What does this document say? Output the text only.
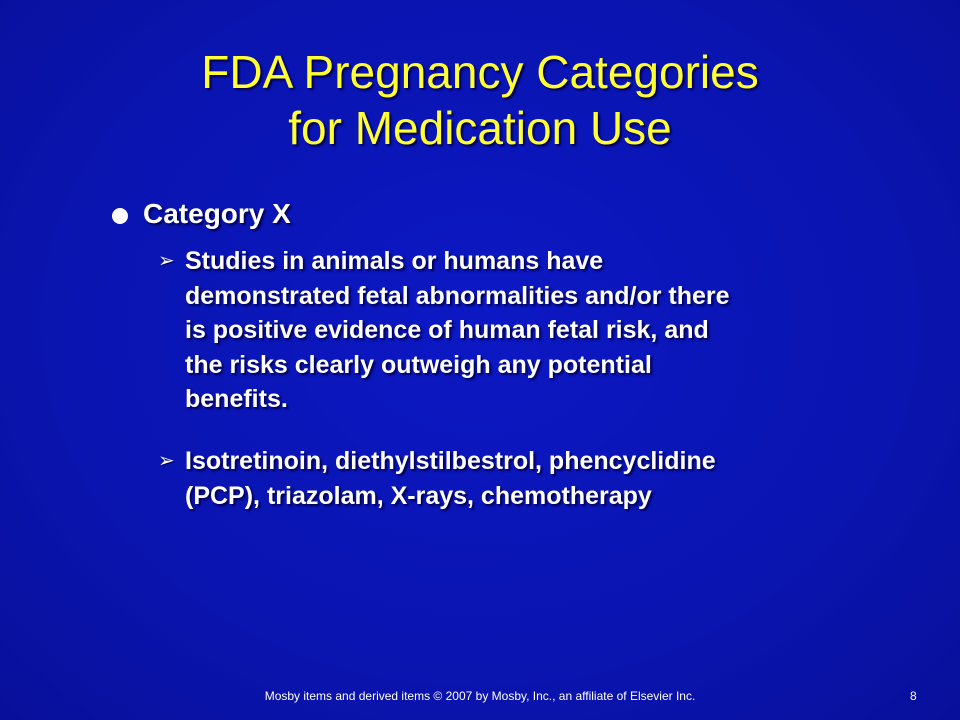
FDA Pregnancy Categories
for Medication Use
Category X
➢ Studies in animals or humans have
demonstrated fetal abnormalities and/or there
is positive evidence of human fetal risk, and
the risks clearly outweigh any potential
benefits.
➢ Isotretinoin, diethylstilbestrol, phencyclidine
(PCP), triazolam, X-rays, chemotherapy
Mosby items and derived items © 2007 by Mosby, Inc., an affiliate of Elsevier Inc.	8
